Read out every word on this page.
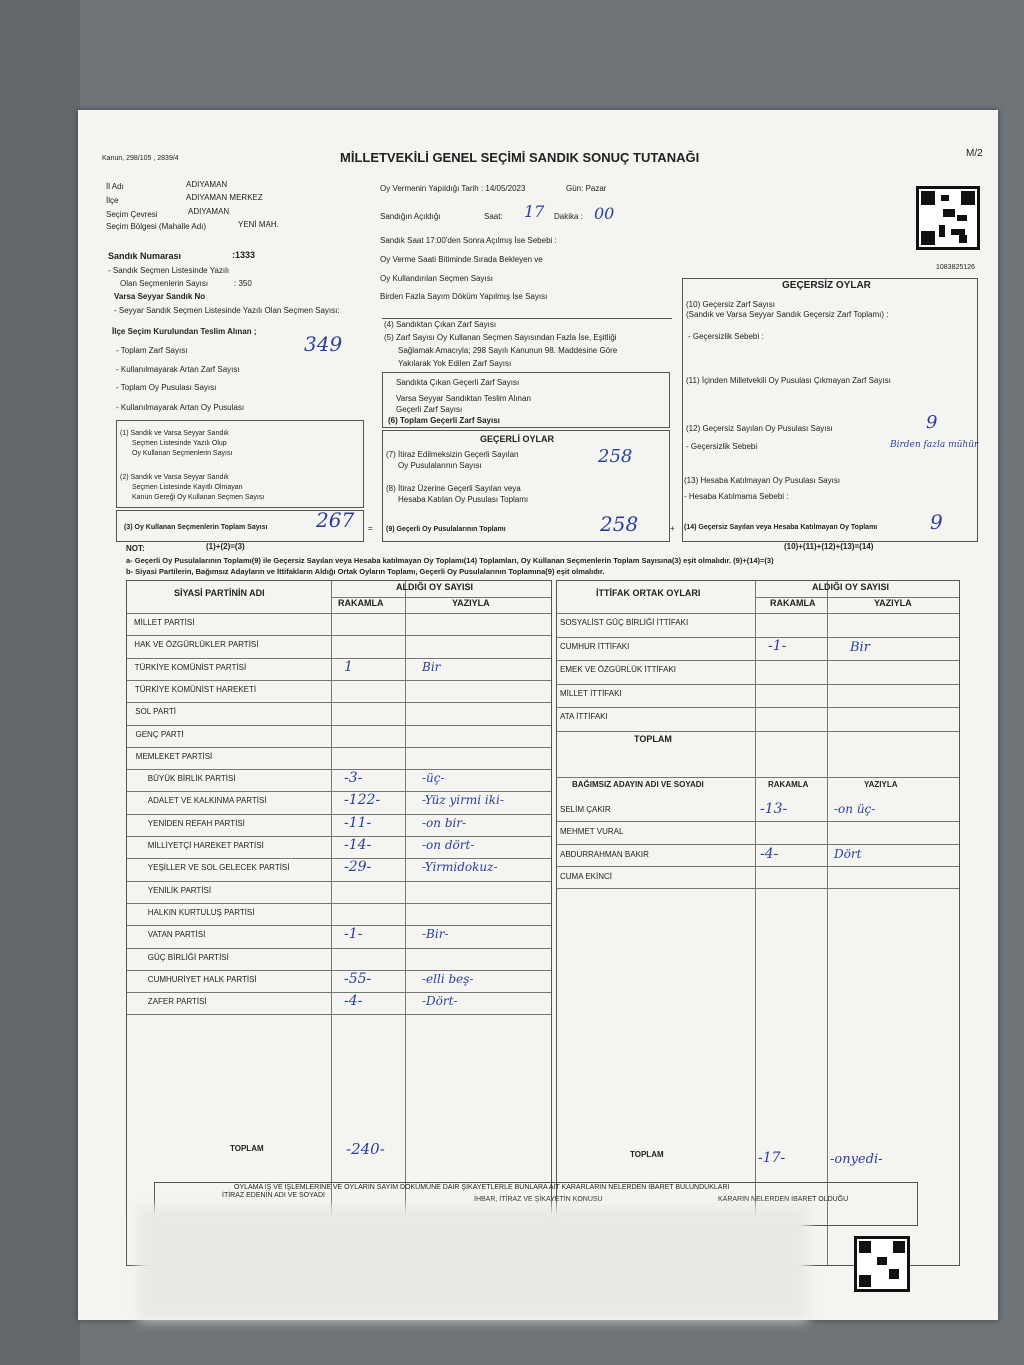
Kanun, 298/105 , 2839/4	MİLLETVEKİLİ GENEL SEÇİMİ SANDIK SONUÇ TUTANAĞI	M/2
1083825126
İl Adı	ADIYAMAN
İlçe	ADIYAMAN MERKEZ
Seçim Çevresi	ADIYAMAN
Seçim Bölgesi (Mahalle Adı)	YENİ MAH.
Oy Vermenin Yapıldığı Tarih : 14/05/2023	Gün: Pazar
Sandığın Açıldığı	Saat: 17 Dakika : 00
Sandık Saat 17:00'den Sonra Açılmış İse Sebebi :
Oy Verme Saati Bitiminde Sırada Bekleyen ve
Oy Kullandırılan Seçmen Sayısı
Birden Fazla Sayım Döküm Yapılmış İse Sayısı
Sandık Numarası	:1333
- Sandık Seçmen Listesinde Yazılı
Olan Seçmenlerin Sayısı	: 350
Varsa Seyyar Sandık No
- Seyyar Sandık Seçmen Listesinde Yazılı Olan Seçmen Sayısı:
İlçe Seçim Kurulundan Teslim Alınan ;
- Toplam Zarf Sayısı	349
- Kullanılmayarak Artan Zarf Sayısı
- Toplam Oy Pusulası Sayısı
- Kullanılmayarak Artan Oy Pusulası
(1) Sandık ve Varsa Seyyar Sandık
Seçmen Listesinde Yazılı Olup
Oy Kullanan Seçmenlerin Sayısı
(2) Sandık ve Varsa Seyyar Sandık
Seçmen Listesinde Kayıtlı Olmayan
Kanun Gereği Oy Kullanan Seçmen Sayısı
(3) Oy Kullanan Seçmenlerin Toplam Sayısı 267 =
NOT:	(1)+(2)=(3)
(4) Sandıktan Çıkan Zarf Sayısı
(5) Zarf Sayısı Oy Kullanan Seçmen Sayısından Fazla İse, Eşitliği
Sağlamak Amacıyla; 298 Sayılı Kanunun 98. Maddesine Göre
Yakılarak Yok Edilen Zarf Sayısı
Sandıkta Çıkan Geçerli Zarf Sayısı
Varsa Seyyar Sandıktan Teslim Alınan
Geçerli Zarf Sayısı
(6) Toplam Geçerli Zarf Sayısı
GEÇERLİ OYLAR
(7) İtiraz Edilmeksizin Geçerli Sayılan
Oy Pusulalarının Sayısı	258
(8) İtiraz Üzerine Geçerli Sayılan veya
Hesaba Katılan Oy Pusulası Toplamı
(9) Geçerli Oy Pusulalarının Toplamı	258	+
GEÇERSİZ OYLAR
(10) Geçersiz Zarf Sayısı
(Sandık ve Varsa Seyyar Sandık Geçersiz Zarf Toplamı) :
- Geçersizlik Sebebi :
(11) İçinden Milletvekili Oy Pusulası Çıkmayan Zarf Sayısı
(12) Geçersiz Sayılan Oy Pusulası Sayısı	9
- Geçersizlik Sebebi	Birden fazla mühür
(13) Hesaba Katılmayan Oy Pusulası Sayısı
- Hesaba Katılmama Sebebi :
(14) Geçersiz Sayılan veya Hesaba Katılmayan Oy Toplamı	9
(10)+(11)+(12)+(13)=(14)
a- Geçerli Oy Pusulalarının Toplamı(9) ile Geçersiz Sayılan veya Hesaba katılmayan Oy Toplamı(14) Toplamları, Oy Kullanan Seçmenlerin Toplam Sayısına(3) eşit olmalıdır. (9)+(14)=(3)
b- Siyasi Partilerin, Bağımsız Adayların ve İttifakların Aldığı Ortak Oyların Toplamı, Geçerli Oy Pusulalarının Toplamına(9) eşit olmalıdır.
SİYASİ PARTİNİN ADI
ALDIĞI OY SAYISI
RAKAMLA	YAZIYLA
TOPLAM	-240-
İTTİFAK ORTAK OYLARI
ALDIĞI OY SAYISI
RAKAMLA	YAZIYLA
TOPLAM
BAĞIMSIZ ADAYIN ADI VE SOYADI	RAKAMLA	YAZIYLA
TOPLAM	-17-	-onyedi-
OYLAMA İŞ VE İŞLEMLERİNE VE OYLARIN SAYIM DÖKÜMÜNE DAİR ŞİKAYETLERLE BUNLARA AİT KARARLARIN NELERDEN İBARET BULUNDUKLARI
İTİRAZ EDENİN ADI VE SOYADI
İHBAR, İTİRAZ VE ŞİKAYETİN KONUSU	KARARIN NELERDEN İBARET OLDUĞU
MİLLET PARTİSİ
HAK VE ÖZGÜRLÜKLER PARTİSİ
TÜRKİYE KOMÜNİST PARTİSİ	1	Bir
TÜRKİYE KOMÜNİST HAREKETİ
SOL PARTİ
GENÇ PARTİ
MEMLEKET PARTİSİ
BÜYÜK BİRLİK PARTİSİ	-3-	-üç-
ADALET VE KALKINMA PARTİSİ	-122-	-Yüz yirmi iki-
YENİDEN REFAH PARTİSİ	-11-	-on bir-
MİLLİYETÇİ HAREKET PARTİSİ	-14-	-on dört-
YEŞİLLER VE SOL GELECEK PARTİSİ	-29-	-Yirmidokuz-
YENİLİK PARTİSİ
HALKIN KURTULUŞ PARTİSİ
VATAN PARTİSİ	-1-	-Bir-
GÜÇ BİRLİĞİ PARTİSİ
CUMHURİYET HALK PARTİSİ	-55-	-elli beş-
ZAFER PARTİSİ	-4-	-Dört-
SOSYALİST GÜÇ BİRLİĞİ İTTİFAKI
CUMHUR İTTİFAKI	-1-	Bir
EMEK VE ÖZGÜRLÜK İTTİFAKI
MİLLET İTTİFAKI
ATA İTTİFAKI
SELİM ÇAKIR	-13-	-on üç-
MEHMET VURAL
ABDURRAHMAN BAKIR	-4-	Dört
CUMA EKİNCİ
